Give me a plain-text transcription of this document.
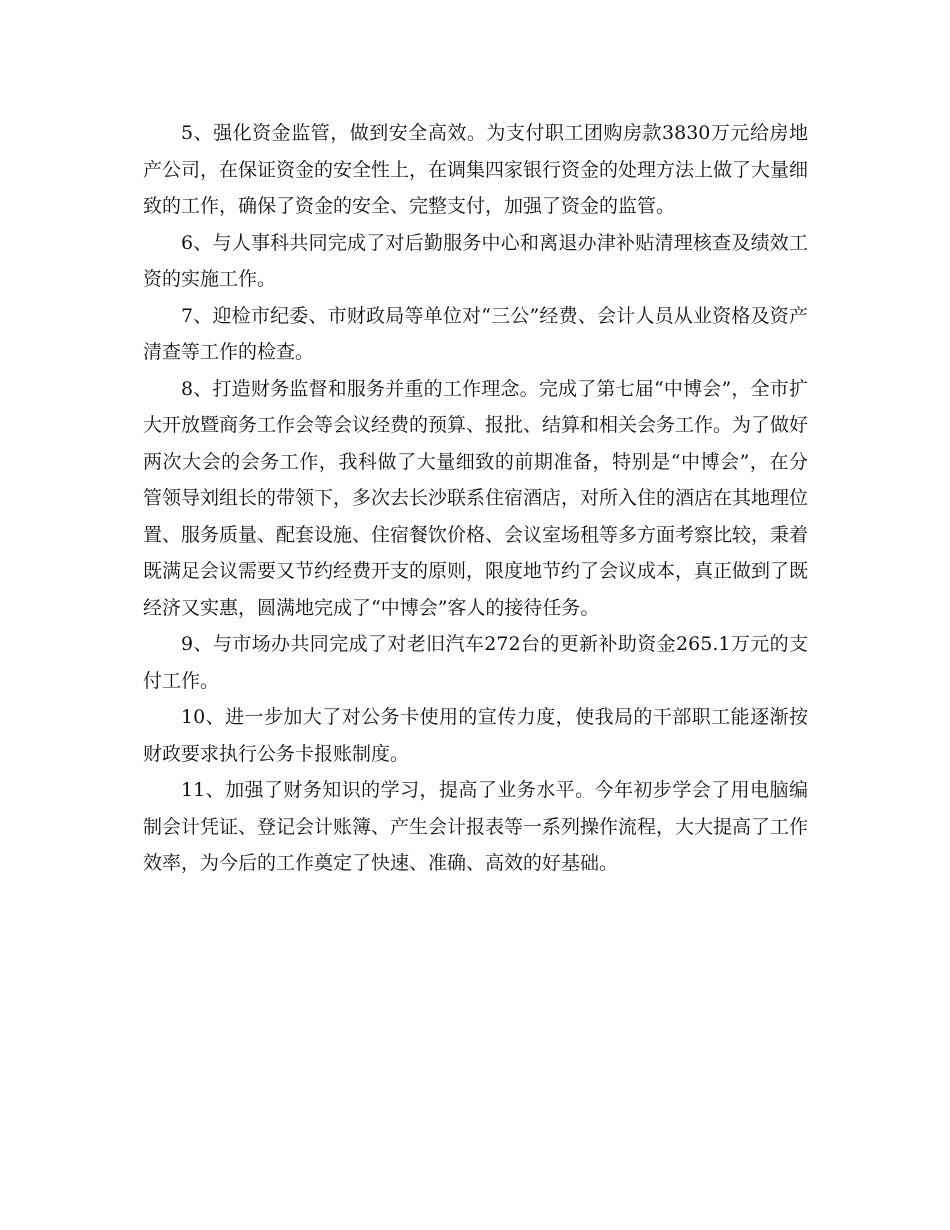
5、强化资金监管，做到安全高效。为支付职工团购房款3830万元给房地产公司，在保证资金的安全性上，在调集四家银行资金的处理方法上做了大量细致的工作，确保了资金的安全、完整支付，加强了资金的监管。

6、与人事科共同完成了对后勤服务中心和离退办津补贴清理核查及绩效工资的实施工作。

7、迎检市纪委、市财政局等单位对“三公”经费、会计人员从业资格及资产清查等工作的检查。

8、打造财务监督和服务并重的工作理念。完成了第七届“中博会”，全市扩大开放暨商务工作会等会议经费的预算、报批、结算和相关会务工作。为了做好两次大会的会务工作，我科做了大量细致的前期准备，特别是“中博会”，在分管领导刘组长的带领下，多次去长沙联系住宿酒店，对所入住的酒店在其地理位置、服务质量、配套设施、住宿餐饮价格、会议室场租等多方面考察比较，秉着既满足会议需要又节约经费开支的原则，限度地节约了会议成本，真正做到了既经济又实惠，圆满地完成了“中博会”客人的接待任务。

9、与市场办共同完成了对老旧汽车272台的更新补助资金265.1万元的支付工作。

10、进一步加大了对公务卡使用的宣传力度，使我局的干部职工能逐渐按财政要求执行公务卡报账制度。

11、加强了财务知识的学习，提高了业务水平。今年初步学会了用电脑编制会计凭证、登记会计账簿、产生会计报表等一系列操作流程，大大提高了工作效率，为今后的工作奠定了快速、准确、高效的好基础。
